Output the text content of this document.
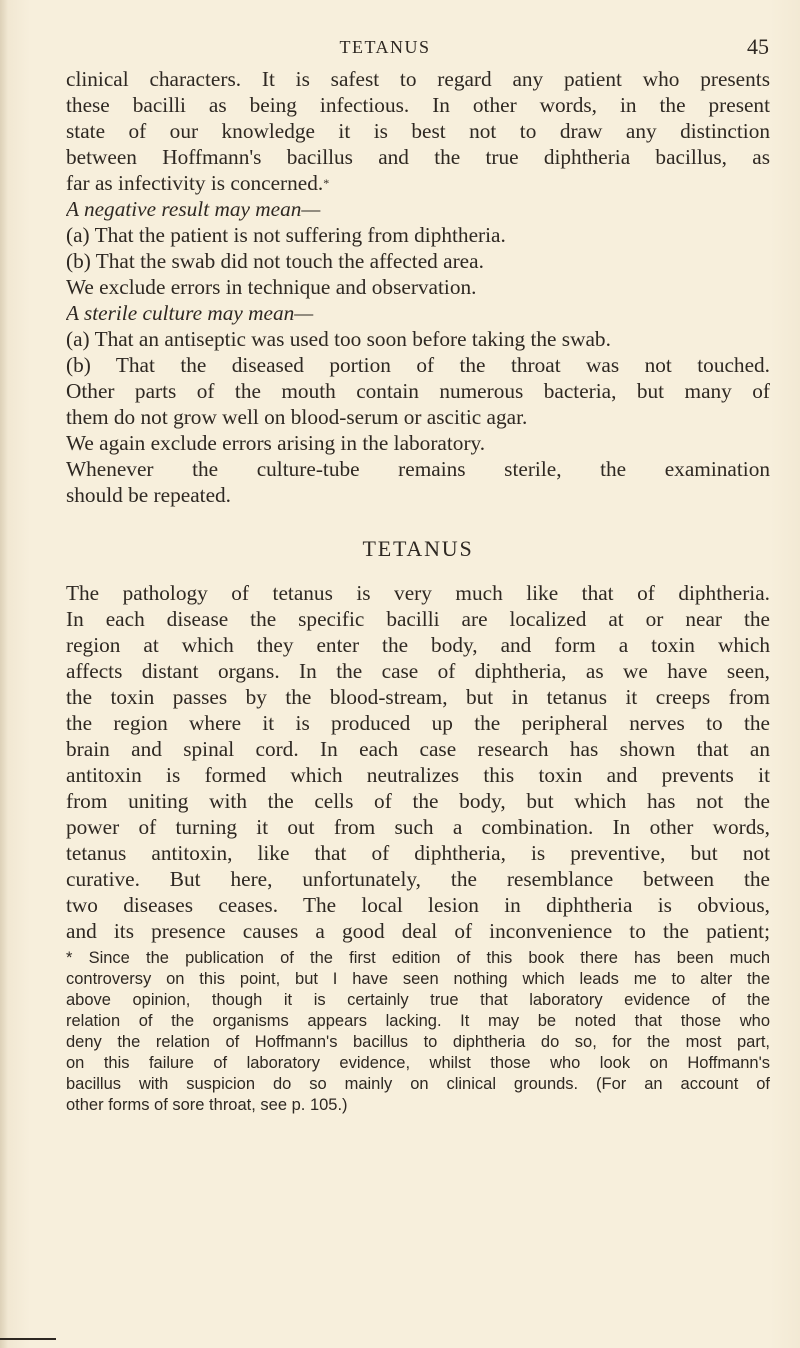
TETANUS	45
clinical characters. It is safest to regard any patient who presents
these bacilli as being infectious. In other words, in the present
state of our knowledge it is best not to draw any distinction
between Hoffmann's bacillus and the true diphtheria bacillus, as
far as infectivity is concerned.*
A negative result may mean—
(a) That the patient is not suffering from diphtheria.
(b) That the swab did not touch the affected area.
We exclude errors in technique and observation.
A sterile culture may mean—
(a) That an antiseptic was used too soon before taking the swab.
(b) That the diseased portion of the throat was not touched.
Other parts of the mouth contain numerous bacteria, but many of
them do not grow well on blood-serum or ascitic agar.
We again exclude errors arising in the laboratory.
Whenever the culture-tube remains sterile, the examination
should be repeated.
TETANUS
The pathology of tetanus is very much like that of diphtheria.
In each disease the specific bacilli are localized at or near the
region at which they enter the body, and form a toxin which
affects distant organs. In the case of diphtheria, as we have seen,
the toxin passes by the blood-stream, but in tetanus it creeps from
the region where it is produced up the peripheral nerves to the
brain and spinal cord. In each case research has shown that an
antitoxin is formed which neutralizes this toxin and prevents it
from uniting with the cells of the body, but which has not the
power of turning it out from such a combination. In other words,
tetanus antitoxin, like that of diphtheria, is preventive, but not
curative. But here, unfortunately, the resemblance between the
two diseases ceases. The local lesion in diphtheria is obvious,
and its presence causes a good deal of inconvenience to the patient;
* Since the publication of the first edition of this book there has been much
controversy on this point, but I have seen nothing which leads me to alter the
above opinion, though it is certainly true that laboratory evidence of the
relation of the organisms appears lacking. It may be noted that those who
deny the relation of Hoffmann's bacillus to diphtheria do so, for the most part,
on this failure of laboratory evidence, whilst those who look on Hoffmann's
bacillus with suspicion do so mainly on clinical grounds. (For an account of
other forms of sore throat, see p. 105.)
